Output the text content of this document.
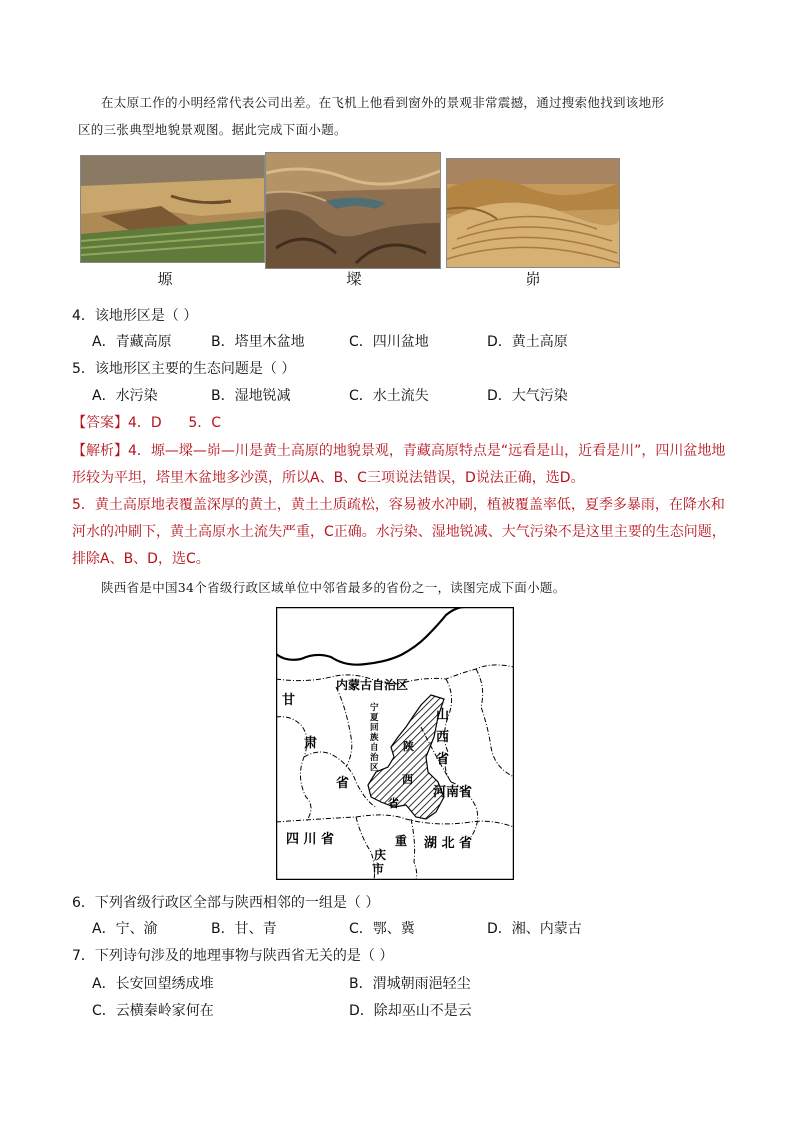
在太原工作的小明经常代表公司出差。在飞机上他看到窗外的景观非常震撼，通过搜索他找到该地形
区的三张典型地貌景观图。据此完成下面小题。
塬	墚	峁
4．该地形区是（ ）
A．青藏高原	B．塔里木盆地	C．四川盆地	D．黄土高原
5．该地形区主要的生态问题是（ ）
A．水污染	B．湿地锐减	C．水土流失	D．大气污染
【答案】4．D      5．C
【解析】4．塬—墚—峁—川是黄土高原的地貌景观，青藏高原特点是“远看是山，近看是川”，四川盆地地
形较为平坦，塔里木盆地多沙漠，所以A、B、C三项说法错误，D说法正确，选D。
5．黄土高原地表覆盖深厚的黄土，黄土土质疏松，容易被水冲刷，植被覆盖率低，夏季多暴雨，在降水和
河水的冲刷下，黄土高原水土流失严重，C正确。水污染、湿地锐减、大气污染不是这里主要的生态问题，
排除A、B、D，选C。
陕西省是中国34个省级行政区域单位中邻省最多的省份之一，读图完成下面小题。
内蒙古自治区
甘
肃
省
宁
夏
回
族
自
治
区
陕
西
省
山
西
省
河南省
四 川 省	重
庆
市
湖 北 省
6．下列省级行政区全部与陕西相邻的一组是（ ）
A．宁、渝	B．甘、青	C．鄂、冀	D．湘、内蒙古
7．下列诗句涉及的地理事物与陕西省无关的是（ ）
A．长安回望绣成堆	B．渭城朝雨浥轻尘
C．云横秦岭家何在	D．除却巫山不是云
